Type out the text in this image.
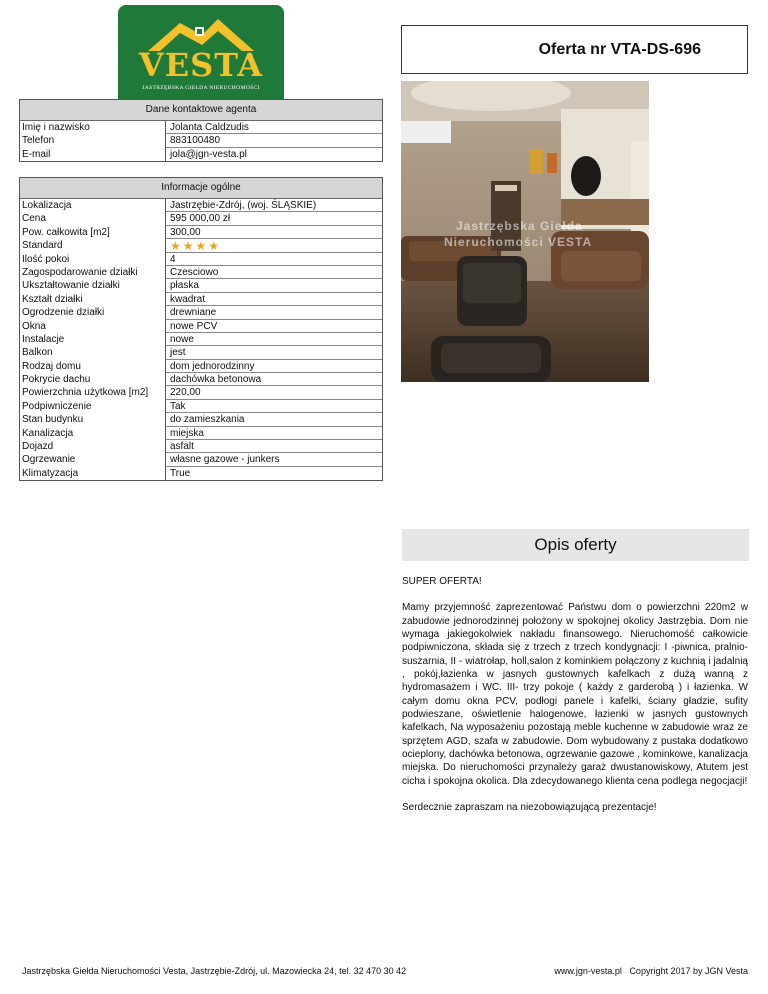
VESTA
JASTRZĘBSKA GIEŁDA NIERUCHOMOŚCI
Oferta nr VTA-DS-696
Dane kontaktowe agenta
Imię i nazwisko	Jolanta Caldzudis
Telefon	883100480
E-mail	jola@jgn-vesta.pl
Informacje ogólne
Lokalizacja	Jastrzębie-Zdrój, (woj. ŚLĄSKIE)
Cena	595 000,00 zł
Pow. całkowita [m2]	300,00
Standard	★ ★ ★ ★
Ilość pokoi	4
Zagospodarowanie działki	Czesciowo
Ukształtowanie działki	płaska
Kształt działki	kwadrat
Ogrodzenie działki	drewniane
Okna	nowe PCV
Instalacje	nowe
Balkon	jest
Rodzaj domu	dom jednorodzinny
Pokrycie dachu	dachówka betonowa
Powierzchnia użytkowa [m2]	220,00
Podpiwniczenie	Tak
Stan budynku	do zamieszkania
Kanalizacja	miejska
Dojazd	asfalt
Ogrzewanie	własne gazowe - junkers
Klimatyzacja	True
Jastrzębska Giełda
Nieruchomości VESTA
Opis oferty

SUPER OFERTA!

Mamy przyjemność zaprezentować Państwu dom o powierzchni 220m2 w zabudowie jednorodzinnej położony w spokojnej okolicy Jastrzębia. Dom nie wymaga jakiegokolwiek nakładu finansowego. Nieruchomość całkowicie podpiwniczona, składa się z trzech z trzech kondygnacji: I -piwnica, pralnio- suszarnia, II - wiatrołap, holl,salon z kominkiem połączony z kuchnią i jadalnią , pokój,łazienka w jasnych gustownych kafelkach z dużą wanną z hydromasażem i WC. III- trzy pokoje ( każdy z garderobą ) i łazienka. W całym domu okna PCV, podłogi panele i kafelki, ściany gładzie, sufity podwieszane, oświetlenie halogenowe, łazienki w jasnych gustownych kafelkach, Na wyposażeniu pozostają meble kuchenne w zabudowie wraz ze sprzętem AGD, szafa w zabudowie. Dom wybudowany z pustaka dodatkowo ocieplony, dachówka betonowa, ogrzewanie gazowe , kominkowe, kanalizacja miejska. Do nieruchomości przynależy garaż dwustanowiskowy, Atutem jest cicha i spokojna okolica. Dla zdecydowanego klienta cena podlega negocjacji!

Serdecznie zapraszam na niezobowiązującą prezentacje!

Jastrzębska Giełda Nieruchomości Vesta, Jastrzębie-Zdrój, ul. Mazowiecka 24, tel. 32 470 30 42	www.jgn-vesta.pl   Copyright 2017 by JGN Vesta
